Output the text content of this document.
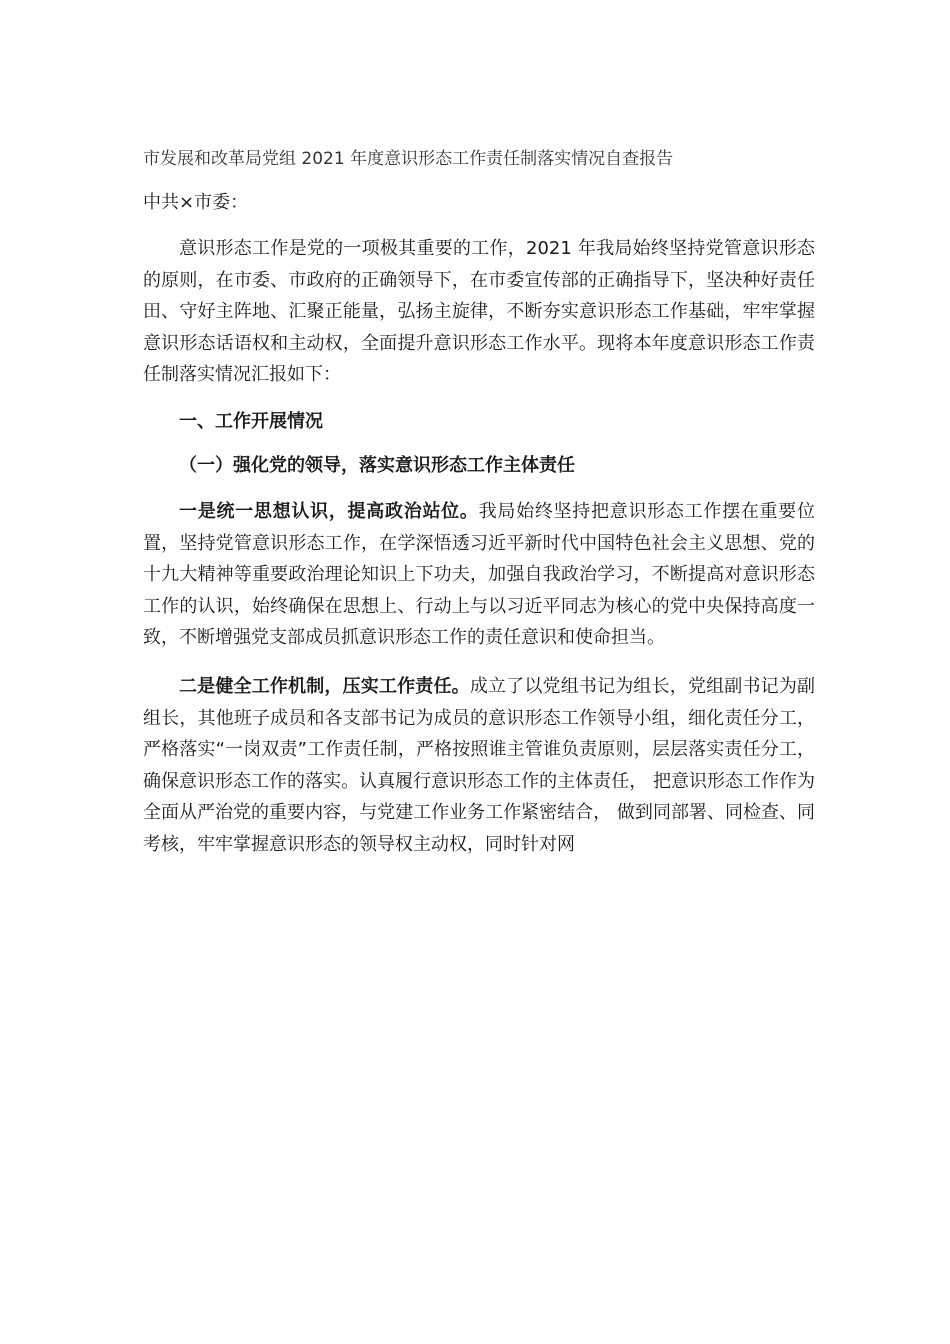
市发展和改革局党组 2021 年度意识形态工作责任制落实情况自查报告
中共×市委：

意识形态工作是党的一项极其重要的工作，2021 年我局始终坚持党管意识形态的原则，在市委、市政府的正确领导下，在市委宣传部的正确指导下，坚决种好责任田、守好主阵地、汇聚正能量，弘扬主旋律，不断夯实意识形态工作基础，牢牢掌握意识形态话语权和主动权，全面提升意识形态工作水平。现将本年度意识形态工作责任制落实情况汇报如下：

一、工作开展情况
（一）强化党的领导，落实意识形态工作主体责任

一是统一思想认识，提高政治站位。我局始终坚持把意识形态工作摆在重要位置，坚持党管意识形态工作，在学深悟透习近平新时代中国特色社会主义思想、党的十九大精神等重要政治理论知识上下功夫，加强自我政治学习，不断提高对意识形态工作的认识，始终确保在思想上、行动上与以习近平同志为核心的党中央保持高度一致，不断增强党支部成员抓意识形态工作的责任意识和使命担当。

二是健全工作机制，压实工作责任。成立了以党组书记为组长，党组副书记为副组长，其他班子成员和各支部书记为成员的意识形态工作领导小组，细化责任分工，严格落实“一岗双责”工作责任制，严格按照谁主管谁负责原则，层层落实责任分工，确保意识形态工作的落实。认真履行意识形态工作的主体责任， 把意识形态工作作为全面从严治党的重要内容，与党建工作业务工作紧密结合， 做到同部署、同检查、同考核，牢牢掌握意识形态的领导权主动权，同时针对网
